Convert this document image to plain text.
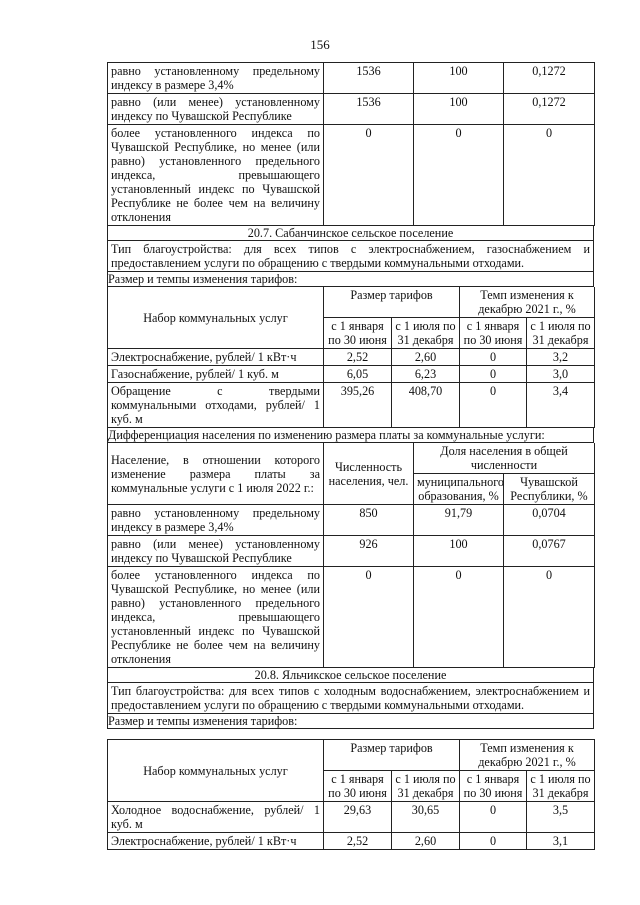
156
равно установленному предельному индексу в размере 3,4%	1536	100	0,1272
равно (или менее) установленному индексу по Чувашской Республике	1536	100	0,1272
более установленного индекса по Чувашской Республике, но менее (или равно) установленного предельного индекса, превышающего установленный индекс по Чувашской Республике не более чем на величину отклонения	0	0	0
20.7. Сабанчинское сельское поселение
Тип благоустройства: для всех типов с электроснабжением, газоснабжением и предоставлением услуги по обращению с твердыми коммунальными отходами.
Размер и темпы изменения тарифов:
Набор коммунальных услуг	Размер тарифов		Темп изменения к декабрю 2021 г., %	
	с 1 января по 30 июня	с 1 июля по 31 декабря	с 1 января по 30 июня	с 1 июля по 31 декабря
Электроснабжение, рублей/ 1 кВт·ч	2,52	2,60	0	3,2
Газоснабжение, рублей/ 1 куб. м	6,05	6,23	0	3,0
Обращение с твердыми коммунальными отходами, рублей/ 1 куб. м	395,26	408,70	0	3,4
Дифференциация населения по изменению размера платы за коммунальные услуги:
Население, в отношении которого изменение размера платы за коммунальные услуги с 1 июля 2022 г.:	Численность населения, чел.	Доля населения в общей численности	
		муниципального образования, %	Чувашской Республики, %
равно установленному предельному индексу в размере 3,4%	850	91,79	0,0704
равно (или менее) установленному индексу по Чувашской Республике	926	100	0,0767
более установленного индекса по Чувашской Республике, но менее (или равно) установленного предельного индекса, превышающего установленный индекс по Чувашской Республике не более чем на величину отклонения	0	0	0
20.8. Яльчикское сельское поселение
Тип благоустройства: для всех типов с холодным водоснабжением, электроснабжением и предоставлением услуги по обращению с твердыми коммунальными отходами.
Размер и темпы изменения тарифов:
Набор коммунальных услуг	Размер тарифов		Темп изменения к декабрю 2021 г., %	
	с 1 января по 30 июня	с 1 июля по 31 декабря	с 1 января по 30 июня	с 1 июля по 31 декабря
Холодное водоснабжение, рублей/ 1 куб. м	29,63	30,65	0	3,5
Электроснабжение, рублей/ 1 кВт·ч	2,52	2,60	0	3,1
